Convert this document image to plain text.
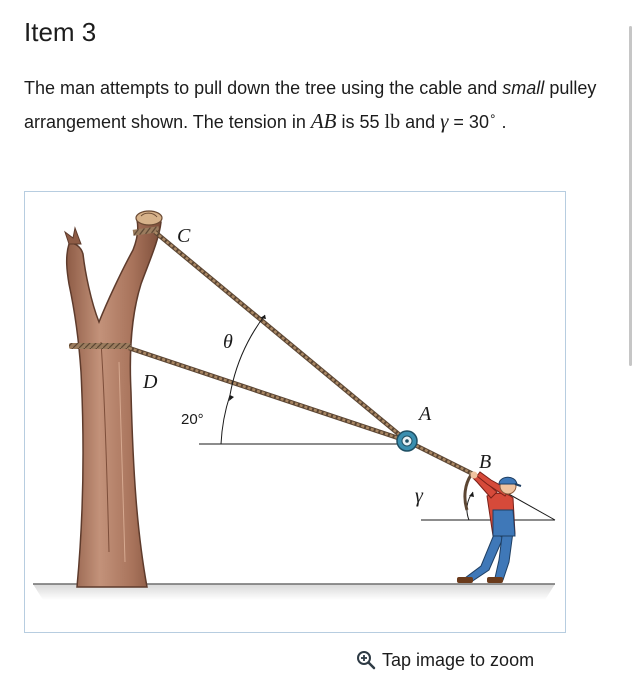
Item 3

The man attempts to pull down the tree using the cable and small pulley arrangement shown. The tension in AB is 55 lb and γ = 30∘ .

C
D
A
B
θ
γ
20°
Tap image to zoom
